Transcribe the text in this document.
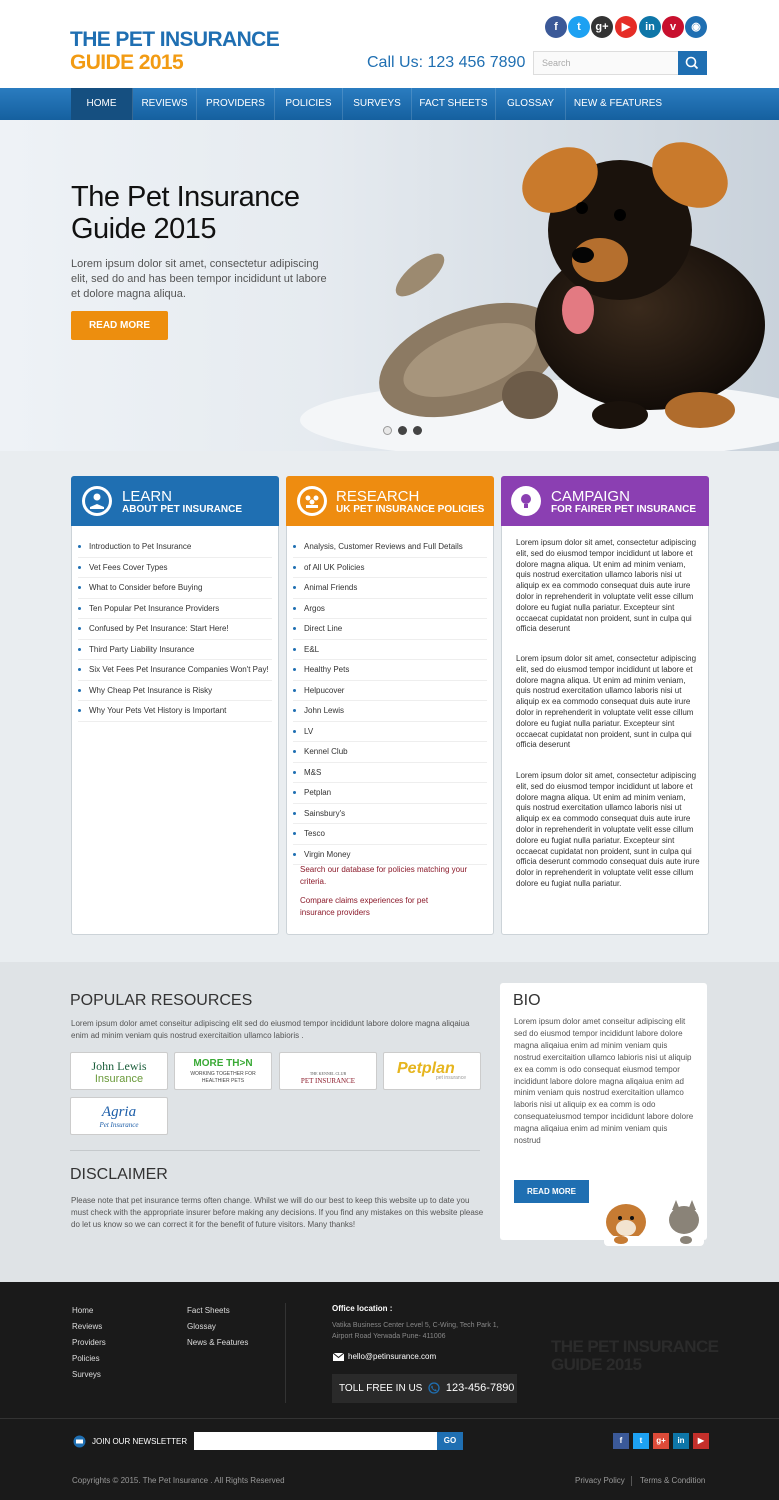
THE PET INSURANCE
GUIDE 2015
f	t	g+	▶	in	v	◉
Call Us: 123 456 7890	Search
HOME	REVIEWS	PROVIDERS	POLICIES	SURVEYS	FACT SHEETS	GLOSSAY	NEW & FEATURES
The Pet Insurance
Guide 2015
Lorem ipsum dolor sit amet, consectetur adipiscing elit, sed do and has been tempor incididunt ut labore et dolore magna aliqua.
READ MORE
LEARN
ABOUT PET INSURANCE
Introduction to Pet Insurance
Vet Fees Cover Types
What to Consider before Buying
Ten Popular Pet Insurance Providers
Confused by Pet Insurance: Start Here!
Third Party Liability Insurance
Six Vet Fees Pet Insurance Companies Won't Pay!
Why Cheap Pet Insurance is Risky
Why Your Pets Vet History is Important
RESEARCH
UK PET INSURANCE POLICIES
Analysis, Customer Reviews and Full Details
of All UK Policies
Animal Friends
Argos
Direct Line
E&L
Healthy Pets
Helpucover
John Lewis
LV
Kennel Club
M&S
Petplan
Sainsbury's
Tesco
Virgin Money
Search our database for policies matching your criteria.
Compare claims experiences for pet insurance providers
CAMPAIGN
FOR FAIRER PET INSURANCE
Lorem ipsum dolor sit amet, consectetur adipiscing elit, sed do eiusmod tempor incididunt ut labore et dolore magna aliqua. Ut enim ad minim veniam, quis nostrud exercitation ullamco laboris nisi ut aliquip ex ea commodo consequat duis aute irure dolor in reprehenderit in voluptate velit esse cillum dolore eu fugiat nulla pariatur. Excepteur sint occaecat cupidatat non proident, sunt in culpa qui officia deserunt
Lorem ipsum dolor sit amet, consectetur adipiscing elit, sed do eiusmod tempor incididunt ut labore et dolore magna aliqua. Ut enim ad minim veniam, quis nostrud exercitation ullamco laboris nisi ut aliquip ex ea commodo consequat duis aute irure dolor in reprehenderit in voluptate velit esse cillum dolore eu fugiat nulla pariatur. Excepteur sint occaecat cupidatat non proident, sunt in culpa qui officia deserunt
Lorem ipsum dolor sit amet, consectetur adipiscing elit, sed do eiusmod tempor incididunt ut labore et dolore magna aliqua. Ut enim ad minim veniam, quis nostrud exercitation ullamco laboris nisi ut aliquip ex ea commodo consequat duis aute irure dolor in reprehenderit in voluptate velit esse cillum dolore eu fugiat nulla pariatur. Excepteur sint occaecat cupidatat non proident, sunt in culpa qui officia deserunt commodo consequat duis aute irure dolor in reprehenderit in voluptate velit esse cillum dolore eu fugiat nulla pariatur.
POPULAR RESOURCES
Lorem ipsum dolor amet conseitur adipiscing elit sed do eiusmod tempor incididunt labore dolore magna aliqaiua enim ad minim veniam quis nostrud exercitaition ullamco labioris .
John Lewis
Insurance
MORE TH>N
WORKING TOGETHER FOR HEALTHIER PETS
THE KENNEL CLUB
PET INSURANCE
Petplan
pet insurance
Agria
Pet Insurance
DISCLAIMER
Please note that pet insurance terms often change. Whilst we will do our best to keep this website up to date you must check with the appropriate insurer before making any decisions. If you find any mistakes on this website please do let us know so we can correct it for the benefit of future visitors. Many thanks!
BIO
Lorem ipsum dolor amet conseitur adipiscing elit sed do eiusmod tempor incididunt labore dolore magna aliqaiua enim ad minim veniam quis nostrud exercitaition ullamco labioris nisi ut aliquip ex ea comm is odo consequat eiusmod tempor incididunt labore dolore magna aliqaiua enim ad minim veniam quis nostrud exercitaition ullamco laboris nisi ut aliquip ex ea comm is odo consequateiusmod tempor incididunt labore dolore magna aliqaiua enim ad minim veniam quis nostrud
READ MORE
Home
Reviews
Providers
Policies
Surveys
Fact Sheets
Glossay
News & Features
Office location :
Vatika Business Center Level 5, C-Wing, Tech Park 1, Airport Road Yerwada Pune- 411006
hello@petinsurance.com
TOLL FREE IN US 123-456-7890
THE PET INSURANCE
GUIDE 2015
JOIN OUR NEWSLETTER	GO	f	t	g+	in	▶
Copyrights © 2015. The Pet Insurance . All Rights Reserved	Privacy Policy Terms & Condition
